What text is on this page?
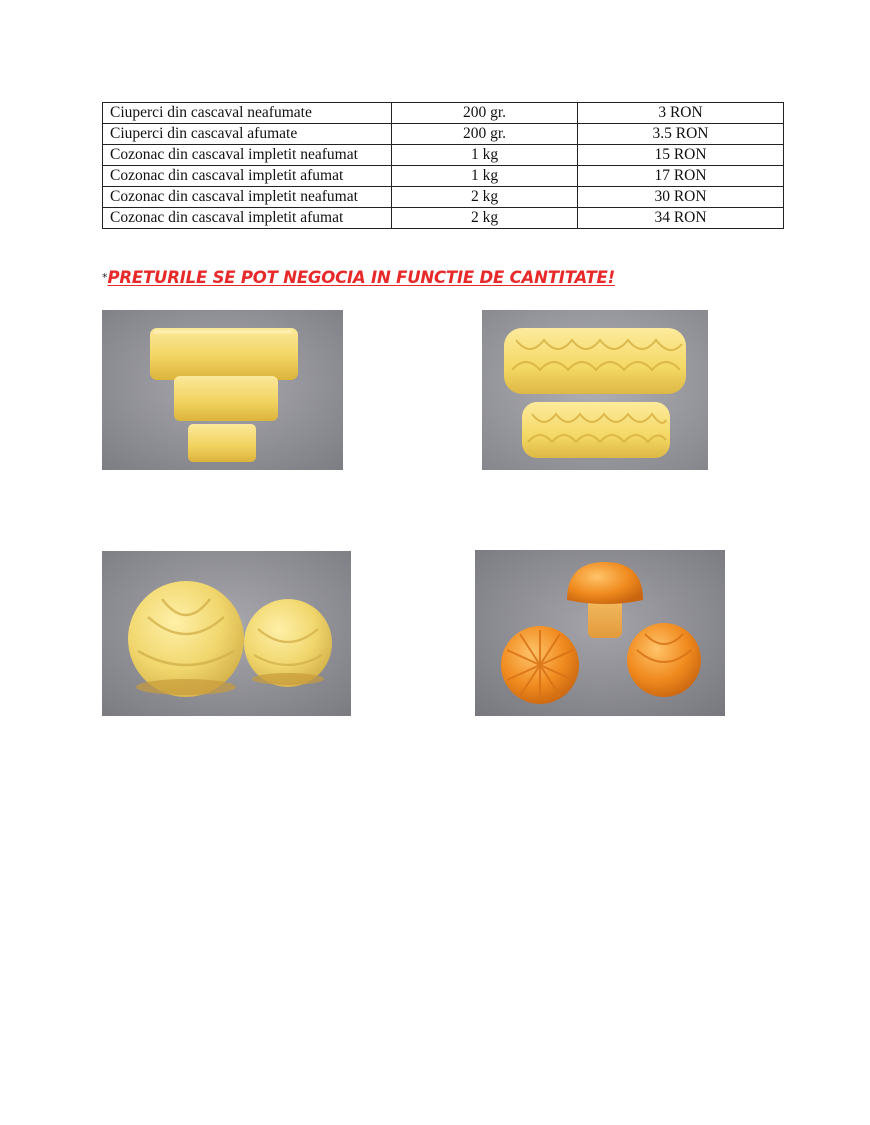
Ciuperci din cascaval neafumate	200 gr.	3 RON
Ciuperci din cascaval afumate	200 gr.	3.5 RON
Cozonac din cascaval impletit neafumat	1 kg	15 RON
Cozonac din cascaval impletit afumat	1 kg	17 RON
Cozonac din cascaval impletit neafumat	2 kg	30 RON
Cozonac din cascaval impletit afumat	2 kg	34 RON
*PRETURILE SE POT NEGOCIA IN FUNCTIE DE CANTITATE!
